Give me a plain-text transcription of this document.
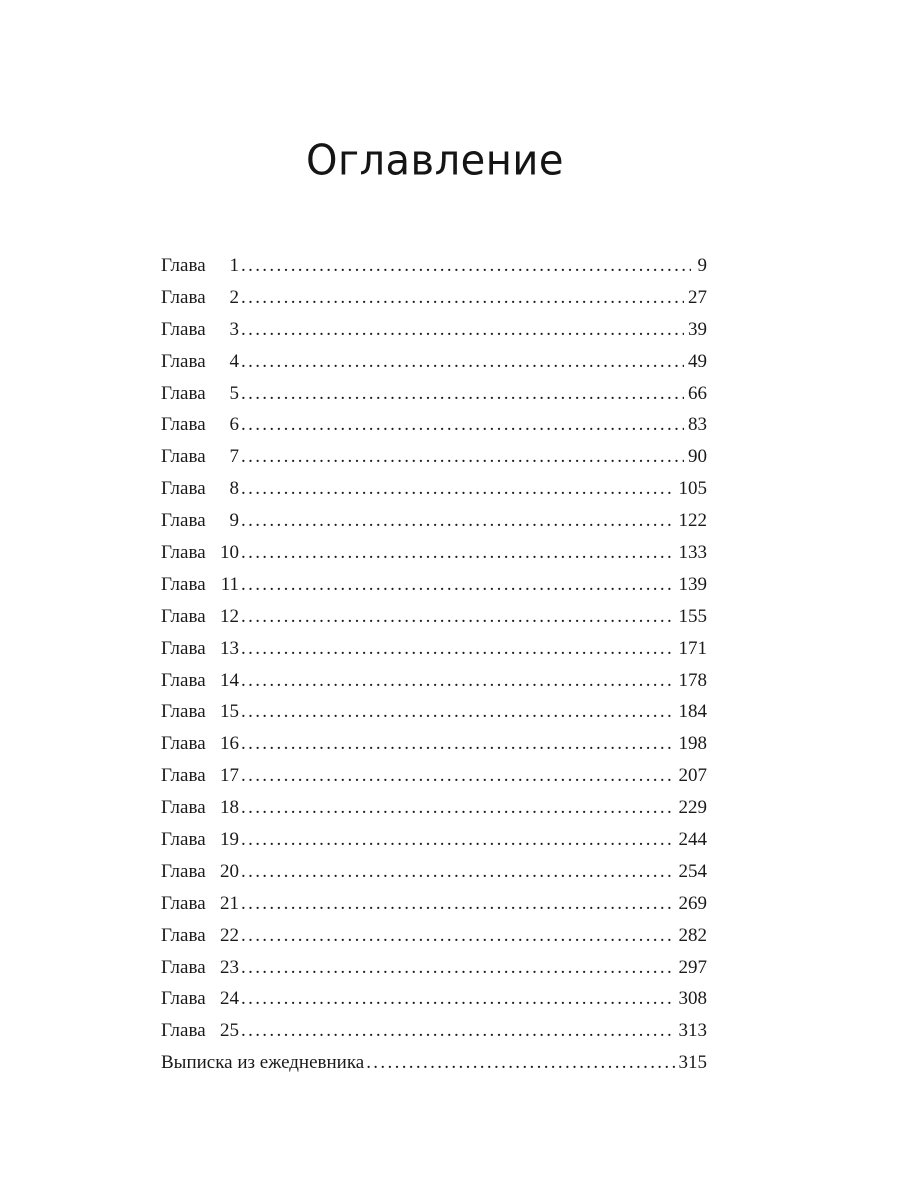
Оглавление
Глава 1 . . .	9
Глава 2 . . .	27
Глава 3 . . .	39
Глава 4 . . .	49
Глава 5 . . .	66
Глава 6 . . .	83
Глава 7 . . .	90
Глава 8 . . .	105
Глава 9 . . .	122
Глава 10 . . .	133
Глава 11 . . .	139
Глава 12 . . .	155
Глава 13 . . .	171
Глава 14 . . .	178
Глава 15 . . .	184
Глава 16 . . .	198
Глава 17 . . .	207
Глава 18 . . .	229
Глава 19 . . .	244
Глава 20 . . .	254
Глава 21 . . .	269
Глава 22 . . .	282
Глава 23 . . .	297
Глава 24 . . .	308
Глава 25 . . .	313
Выписка из ежедневника . . .	315
